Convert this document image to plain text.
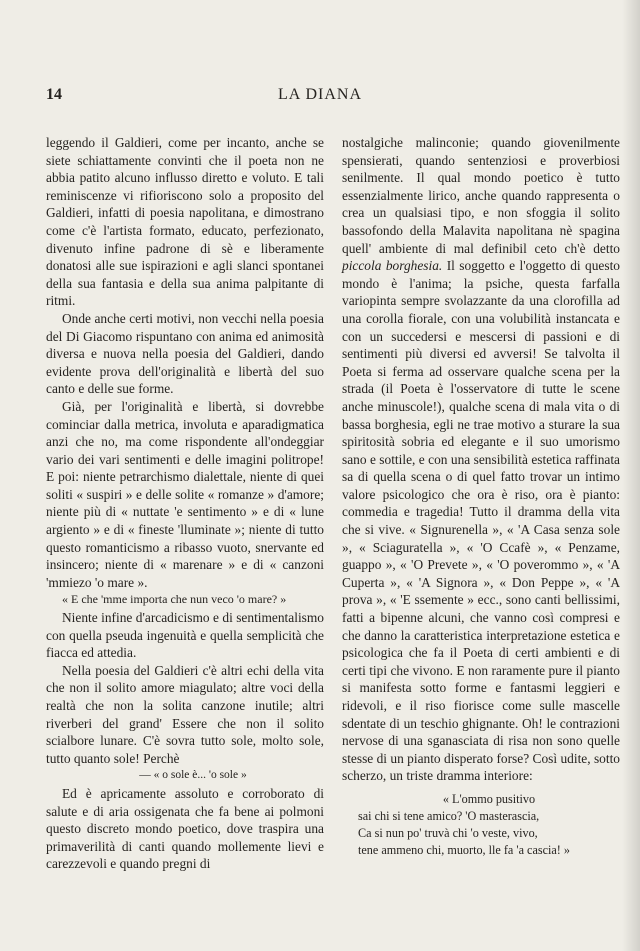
14	LA DIANA

leggendo il Galdieri, come per incanto, anche se siete schiattamente convinti che il poeta non ne abbia patito alcuno influsso diretto e voluto. E tali reminiscenze vi rifioriscono solo a proposito del Galdieri, infatti di poesia napolitana, e dimostrano come c'è l'artista formato, educato, perfezionato, divenuto infine padrone di sè e liberamente donatosi alle sue ispirazioni e agli slanci spontanei della sua fantasia e della sua anima palpitante di ritmi.

Onde anche certi motivi, non vecchi nella poesia del Di Giacomo rispuntano con anima ed animosità diversa e nuova nella poesia del Galdieri, dando evidente prova dell'originalità e libertà del suo canto e delle sue forme.

Già, per l'originalità e libertà, si dovrebbe cominciar dalla metrica, involuta e aparadigmatica anzi che no, ma come rispondente all'ondeggiar vario dei vari sentimenti e delle imagini politrope! E poi: niente petrarchismo dialettale, niente di quei soliti « suspiri » e delle solite « romanze » d'amore; niente più di « nuttate 'e sentimento » e di « lune argiento » e di « fineste 'lluminate »; niente di tutto questo romanticismo a ribasso vuoto, snervante ed insincero; niente di « marenare » e di « canzoni 'mmiezo 'o mare ».

« E che 'mme importa che nun veco 'o mare? »

Niente infine d'arcadicismo e di sentimentalismo con quella pseuda ingenuità e quella semplicità che fiacca ed attedia.

Nella poesia del Galdieri c'è altri echi della vita che non il solito amore miagulato; altre voci della realtà che non la solita canzone inutile; altri riverberi del grand' Essere che non il solito scialbore lunare. C'è sovra tutto sole, molto sole, tutto quanto sole! Perchè

— « o sole è... 'o sole »

Ed è apricamente assoluto e corroborato di salute e di aria ossigenata che fa bene ai polmoni questo discreto mondo poetico, dove traspira una primaverilità di canti quando mollemente lievi e carezzevoli e quando pregni di

nostalgiche malinconie; quando giovenilmente spensierati, quando sentenziosi e proverbiosi senilmente. Il qual mondo poetico è tutto essenzialmente lirico, anche quando rappresenta o crea un qualsiasi tipo, e non sfoggia il solito bassofondo della Malavita napolitana nè spagina quell' ambiente di mal definibil ceto ch'è detto piccola borghesia. Il soggetto e l'oggetto di questo mondo è l'anima; la psiche, questa farfalla variopinta sempre svolazzante da una clorofilla ad una corolla fiorale, con una volubilità instancata e con un succedersi e mescersi di passioni e di sentimenti più diversi ed avversi! Se talvolta il Poeta si ferma ad osservare qualche scena per la strada (il Poeta è l'osservatore di tutte le scene anche minuscole!), qualche scena di mala vita o di bassa borghesia, egli ne trae motivo a sturare la sua spiritosità sobria ed elegante e il suo umorismo sano e sottile, e con una sensibilità estetica raffinata sa di quella scena o di quel fatto trovar un intimo valore psicologico che ora è riso, ora è pianto: commedia e tragedia! Tutto il dramma della vita che si vive. « Signurenella », « 'A Casa senza sole », « Sciaguratella », « 'O Ccafè », « Penzame, guappo », « 'O Prevete », « 'O poverommo », « 'A Cuperta », « 'A Signora », « Don Peppe », « 'A prova », « 'E ssemente » ecc., sono canti bellissimi, fatti a bipenne alcuni, che vanno così compresi e che danno la caratteristica interpretazione estetica e psicologica che fa il Poeta di certi ambienti e di certi tipi che vivono. E non raramente pure il pianto si manifesta sotto forme e fantasmi leggieri e ridevoli, e il riso fiorisce come sulle mascelle sdentate di un teschio ghignante. Oh! le contrazioni nervose di una sganasciata di risa non sono quelle stesse di un pianto disperato forse? Così udite, sotto scherzo, un triste dramma interiore:

« L'ommo pusitivo

sai chi si tene amico? 'O masterascia,

Ca si nun po' truvà chi 'o veste, vivo,

tene ammeno chi, muorto, lle fa 'a cascia! »
